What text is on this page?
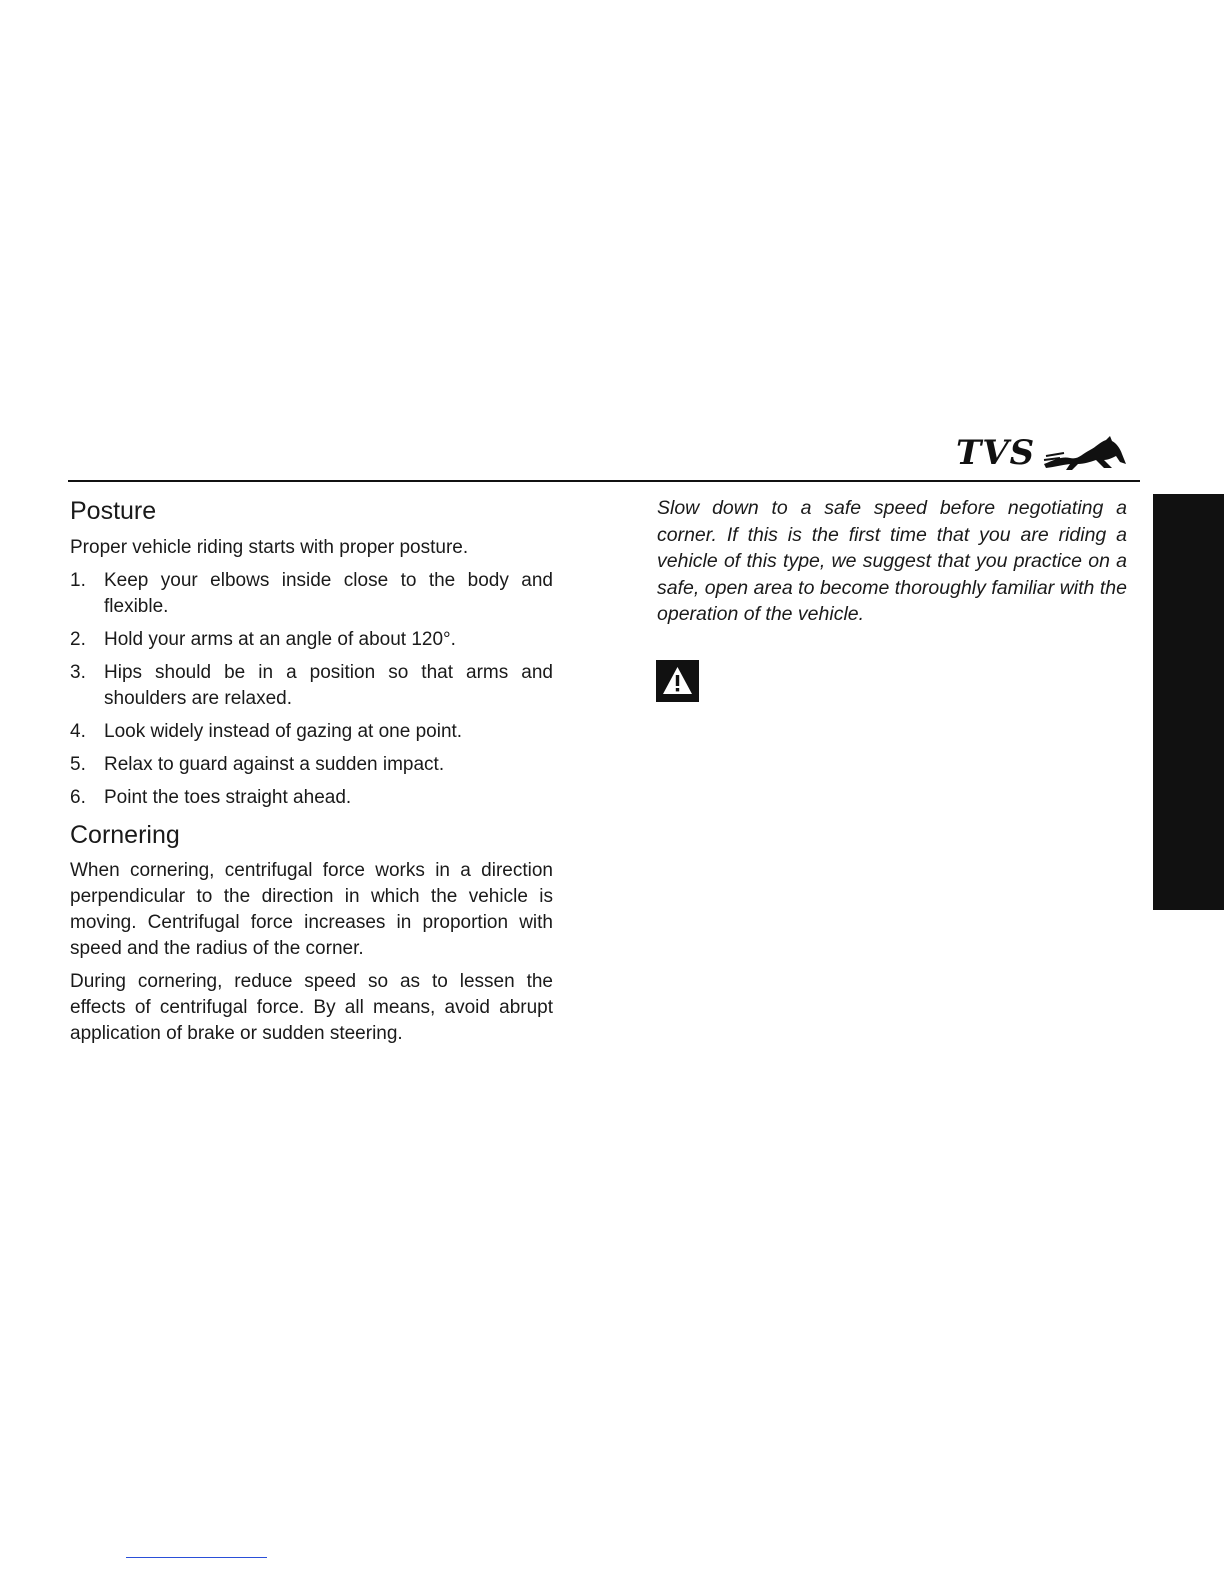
TVS
Posture

Proper vehicle riding starts with proper posture.

1. Keep your elbows inside close to the body and flexible.
2. Hold your arms at an angle of about 120°.
3. Hips should be in a position so that arms and shoulders are relaxed.
4. Look widely instead of gazing at one point.
5. Relax to guard against a sudden impact.
6. Point the toes straight ahead.
Cornering

When cornering, centrifugal force works in a direction perpendicular to the direction in which the vehicle is moving. Centrifugal force increases in proportion with speed and the radius of the corner.

During cornering, reduce speed so as to lessen the effects of centrifugal force. By all means, avoid abrupt application of brake or sudden steering.

Slow down to a safe speed before negotiating a corner. If this is the first time that you are riding a vehicle of this type, we suggest that you practice on a safe, open area to become thoroughly familiar with the operation of the vehicle.
